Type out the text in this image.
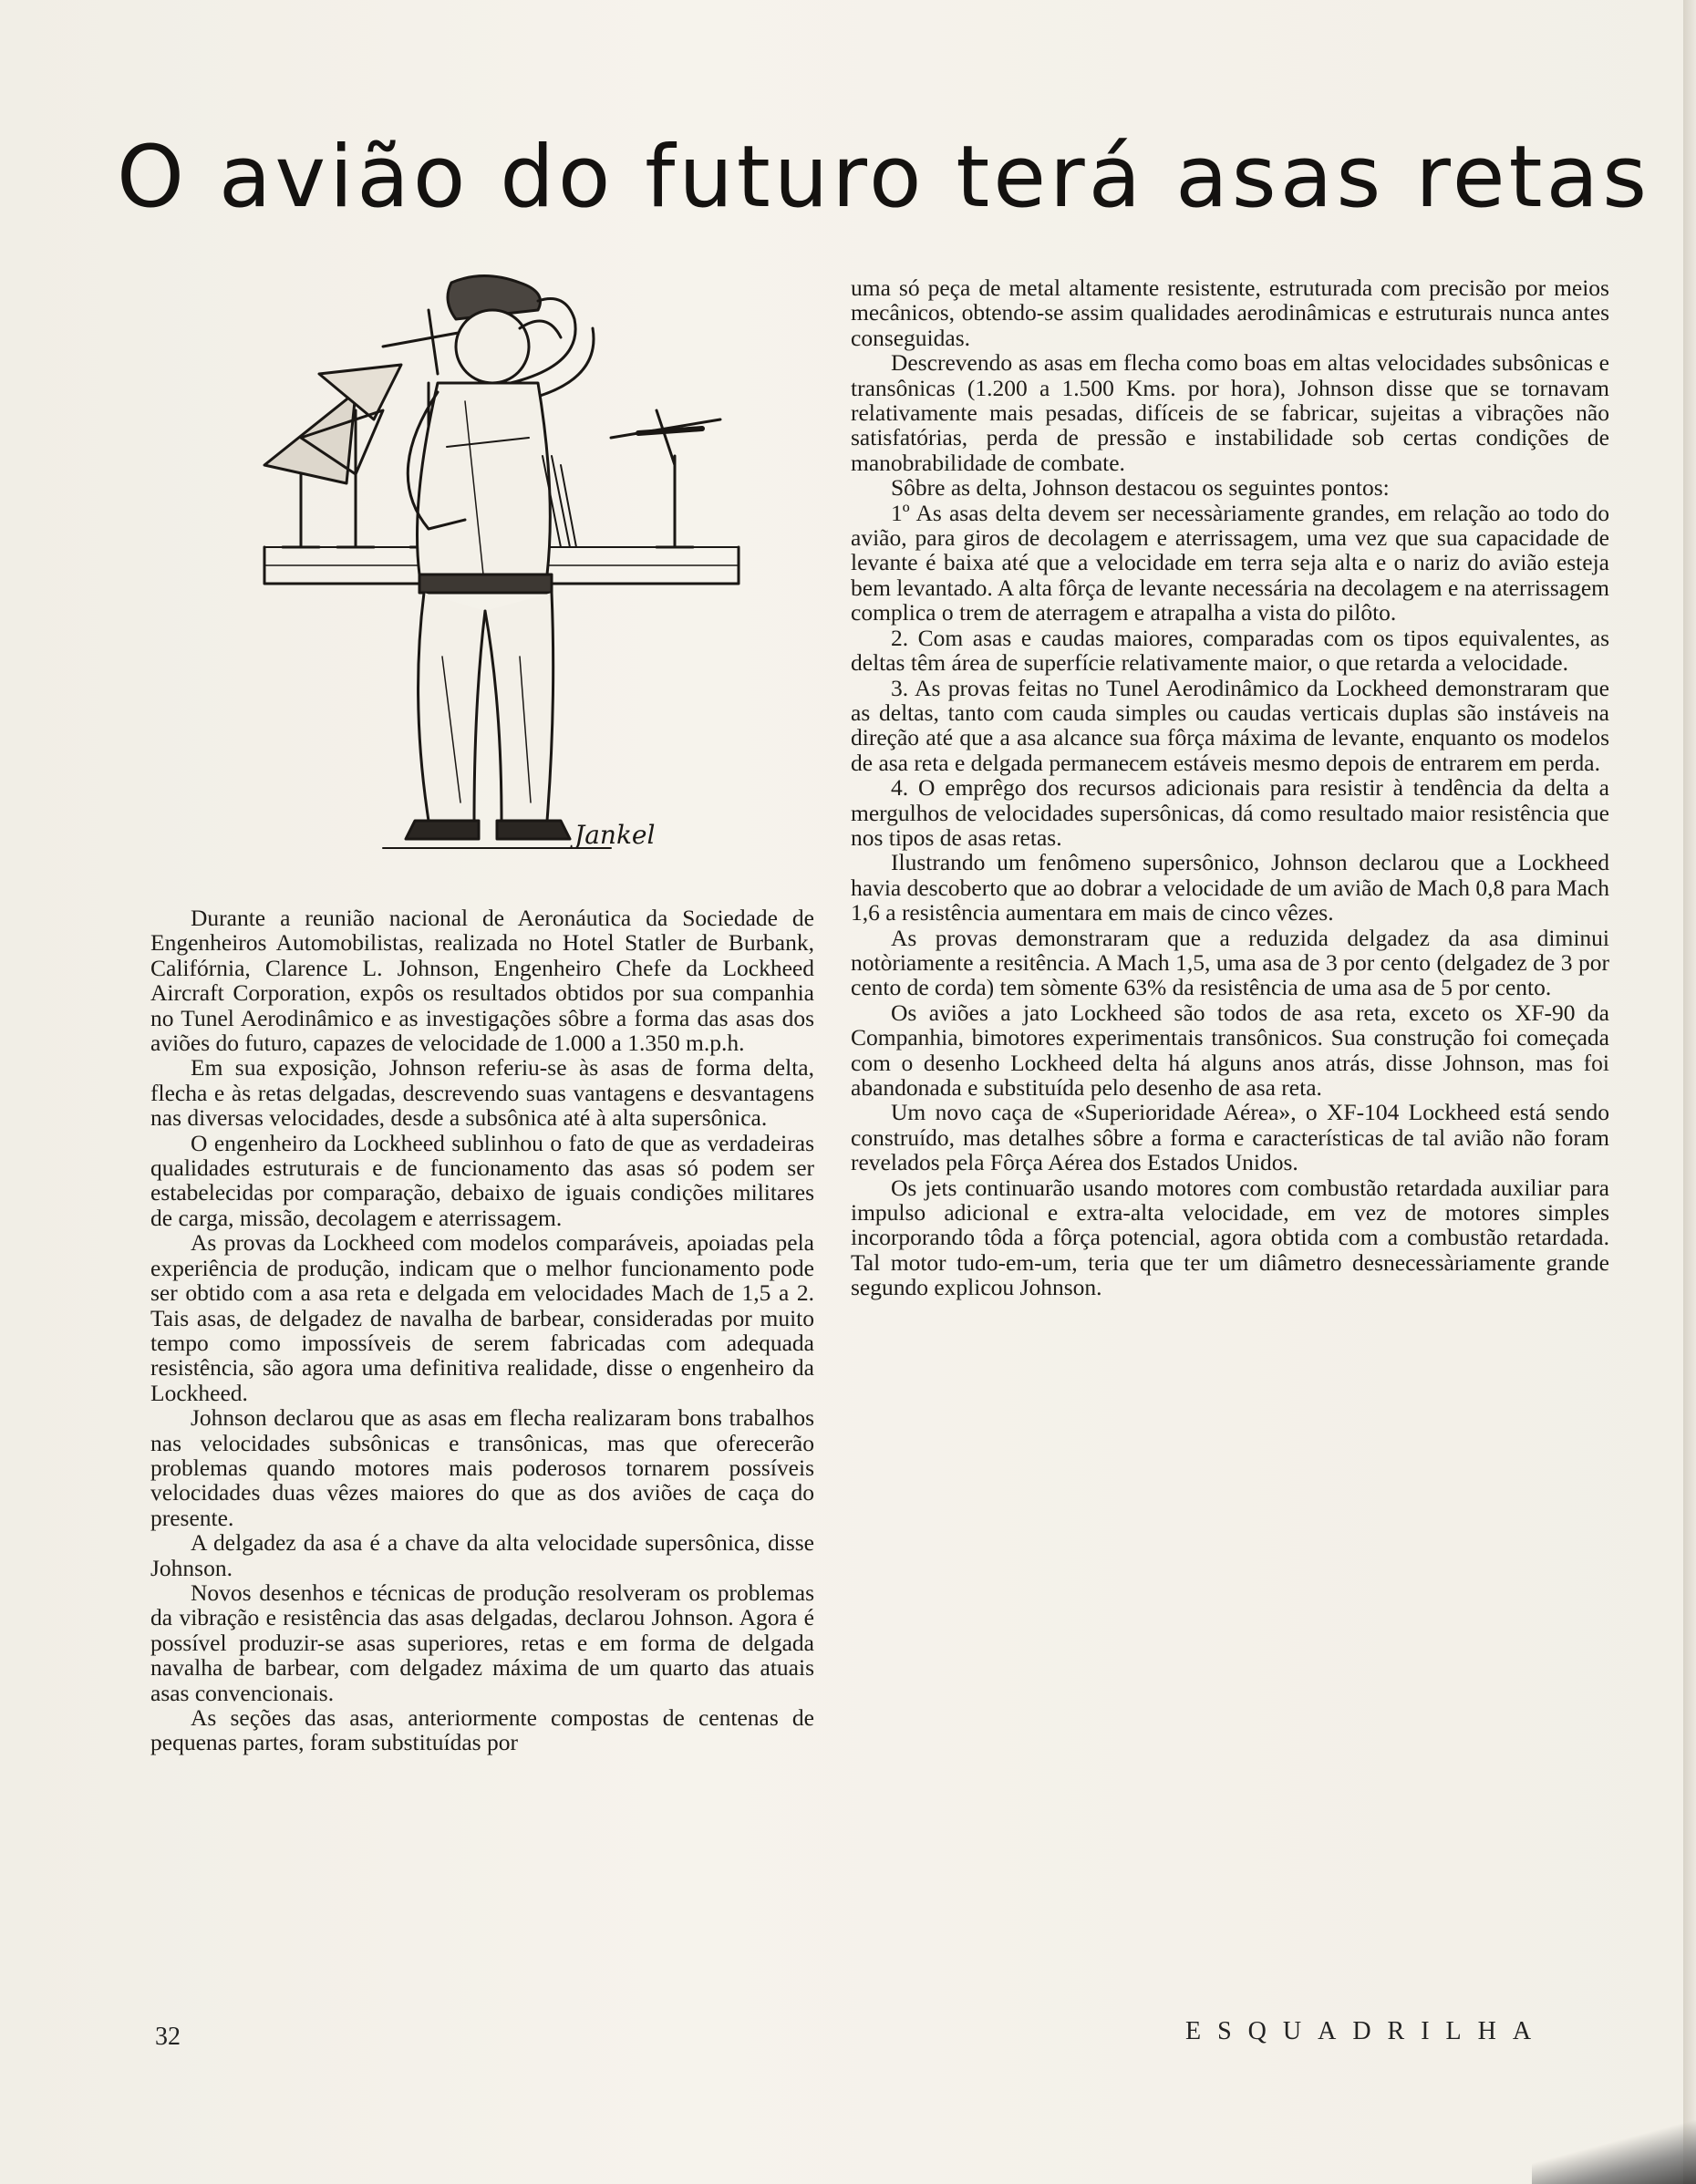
O avião do futuro terá asas retas
Jankel

Durante a reunião nacional de Aeronáutica da Sociedade de Engenheiros Automobilistas, realizada no Hotel Statler de Burbank, Califórnia, Clarence L. Johnson, Engenheiro Chefe da Lockheed Aircraft Corporation, expôs os resultados obtidos por sua companhia no Tunel Aerodinâmico e as investigações sôbre a forma das asas dos aviões do futuro, capazes de velocidade de 1.000 a 1.350 m.p.h.

Em sua exposição, Johnson referiu-se às asas de forma delta, flecha e às retas delgadas, descrevendo suas vantagens e desvantagens nas diversas velocidades, desde a subsônica até à alta supersônica.

O engenheiro da Lockheed sublinhou o fato de que as verdadeiras qualidades estruturais e de funcionamento das asas só podem ser estabelecidas por comparação, debaixo de iguais condições militares de carga, missão, decolagem e aterrissagem.

As provas da Lockheed com modelos comparáveis, apoiadas pela experiência de produção, indicam que o melhor funcionamento pode ser obtido com a asa reta e delgada em velocidades Mach de 1,5 a 2. Tais asas, de delgadez de navalha de barbear, consideradas por muito tempo como impossíveis de serem fabricadas com adequada resistência, são agora uma definitiva realidade, disse o engenheiro da Lockheed.

Johnson declarou que as asas em flecha realizaram bons trabalhos nas velocidades subsônicas e transônicas, mas que oferecerão problemas quando motores mais poderosos tornarem possíveis velocidades duas vêzes maiores do que as dos aviões de caça do presente.

A delgadez da asa é a chave da alta velocidade supersônica, disse Johnson.

Novos desenhos e técnicas de produção resolveram os problemas da vibração e resistência das asas delgadas, declarou Johnson. Agora é possível produzir-se asas superiores, retas e em forma de delgada navalha de barbear, com delgadez máxima de um quarto das atuais asas convencionais.

As seções das asas, anteriormente compostas de centenas de pequenas partes, foram substituídas por

uma só peça de metal altamente resistente, estruturada com precisão por meios mecânicos, obtendo-se assim qualidades aerodinâmicas e estruturais nunca antes conseguidas.

Descrevendo as asas em flecha como boas em altas velocidades subsônicas e transônicas (1.200 a 1.500 Kms. por hora), Johnson disse que se tornavam relativamente mais pesadas, difíceis de se fabricar, sujeitas a vibrações não satisfatórias, perda de pressão e instabilidade sob certas condições de manobrabilidade de combate.

Sôbre as delta, Johnson destacou os seguintes pontos:

1º As asas delta devem ser necessàriamente grandes, em relação ao todo do avião, para giros de decolagem e aterrissagem, uma vez que sua capacidade de levante é baixa até que a velocidade em terra seja alta e o nariz do avião esteja bem levantado. A alta fôrça de levante necessária na decolagem e na aterrissagem complica o trem de aterragem e atrapalha a vista do pilôto.

2. Com asas e caudas maiores, comparadas com os tipos equivalentes, as deltas têm área de superfície relativamente maior, o que retarda a velocidade.

3. As provas feitas no Tunel Aerodinâmico da Lockheed demonstraram que as deltas, tanto com cauda simples ou caudas verticais duplas são instáveis na direção até que a asa alcance sua fôrça máxima de levante, enquanto os modelos de asa reta e delgada permanecem estáveis mesmo depois de entrarem em perda.

4. O emprêgo dos recursos adicionais para resistir à tendência da delta a mergulhos de velocidades supersônicas, dá como resultado maior resistência que nos tipos de asas retas.

Ilustrando um fenômeno supersônico, Johnson declarou que a Lockheed havia descoberto que ao dobrar a velocidade de um avião de Mach 0,8 para Mach 1,6 a resistência aumentara em mais de cinco vêzes.

As provas demonstraram que a reduzida delgadez da asa diminui notòriamente a resitência. A Mach 1,5, uma asa de 3 por cento (delgadez de 3 por cento de corda) tem sòmente 63% da resistência de uma asa de 5 por cento.

Os aviões a jato Lockheed são todos de asa reta, exceto os XF-90 da Companhia, bimotores experimentais transônicos. Sua construção foi começada com o desenho Lockheed delta há alguns anos atrás, disse Johnson, mas foi abandonada e substituída pelo desenho de asa reta.

Um novo caça de «Superioridade Aérea», o XF-104 Lockheed está sendo construído, mas detalhes sôbre a forma e características de tal avião não foram revelados pela Fôrça Aérea dos Estados Unidos.

Os jets continuarão usando motores com combustão retardada auxiliar para impulso adicional e extra-alta velocidade, em vez de motores simples incorporando tôda a fôrça potencial, agora obtida com a combustão retardada. Tal motor tudo-em-um, teria que ter um diâmetro desnecessàriamente grande segundo explicou Johnson.

32	ESQUADRILHA
